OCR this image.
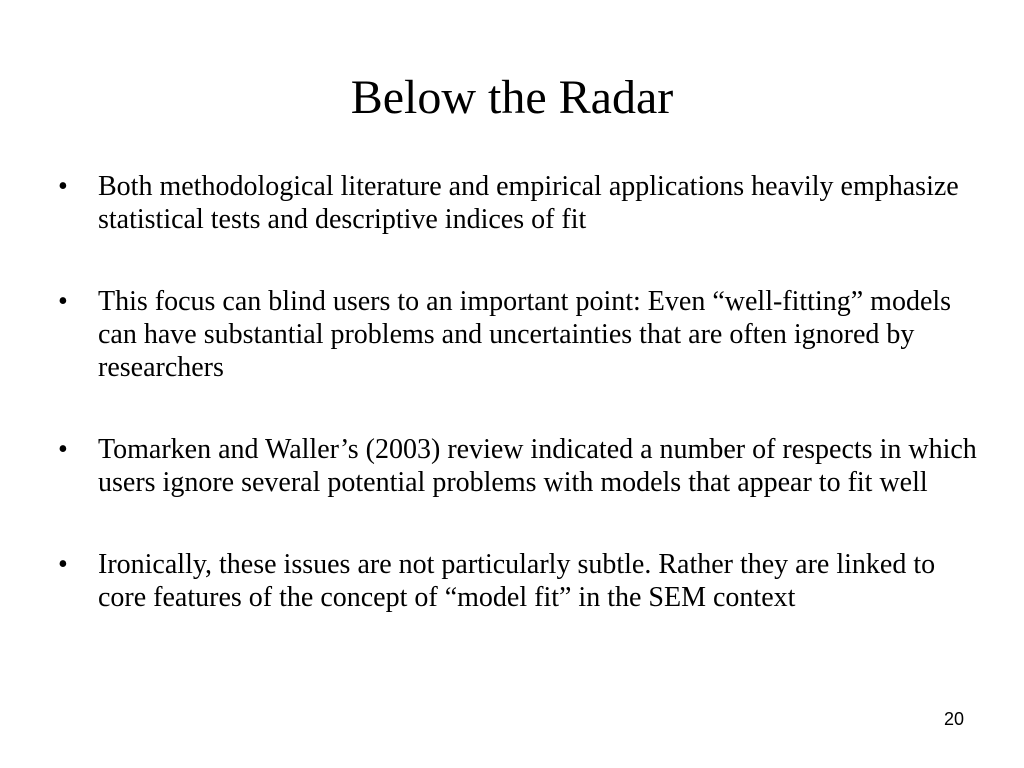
Below the Radar
•	Both methodological literature and empirical applications heavily emphasize statistical tests and descriptive indices of fit
•	This focus can blind users to an important point: Even “well-fitting” models can have substantial problems and uncertainties that are often ignored by researchers
•	Tomarken and Waller’s (2003) review indicated a number of respects in which users ignore several potential problems with models that appear to fit well
•	Ironically, these issues are not particularly subtle. Rather they are linked to core features of the concept of “model fit” in the SEM context
20
